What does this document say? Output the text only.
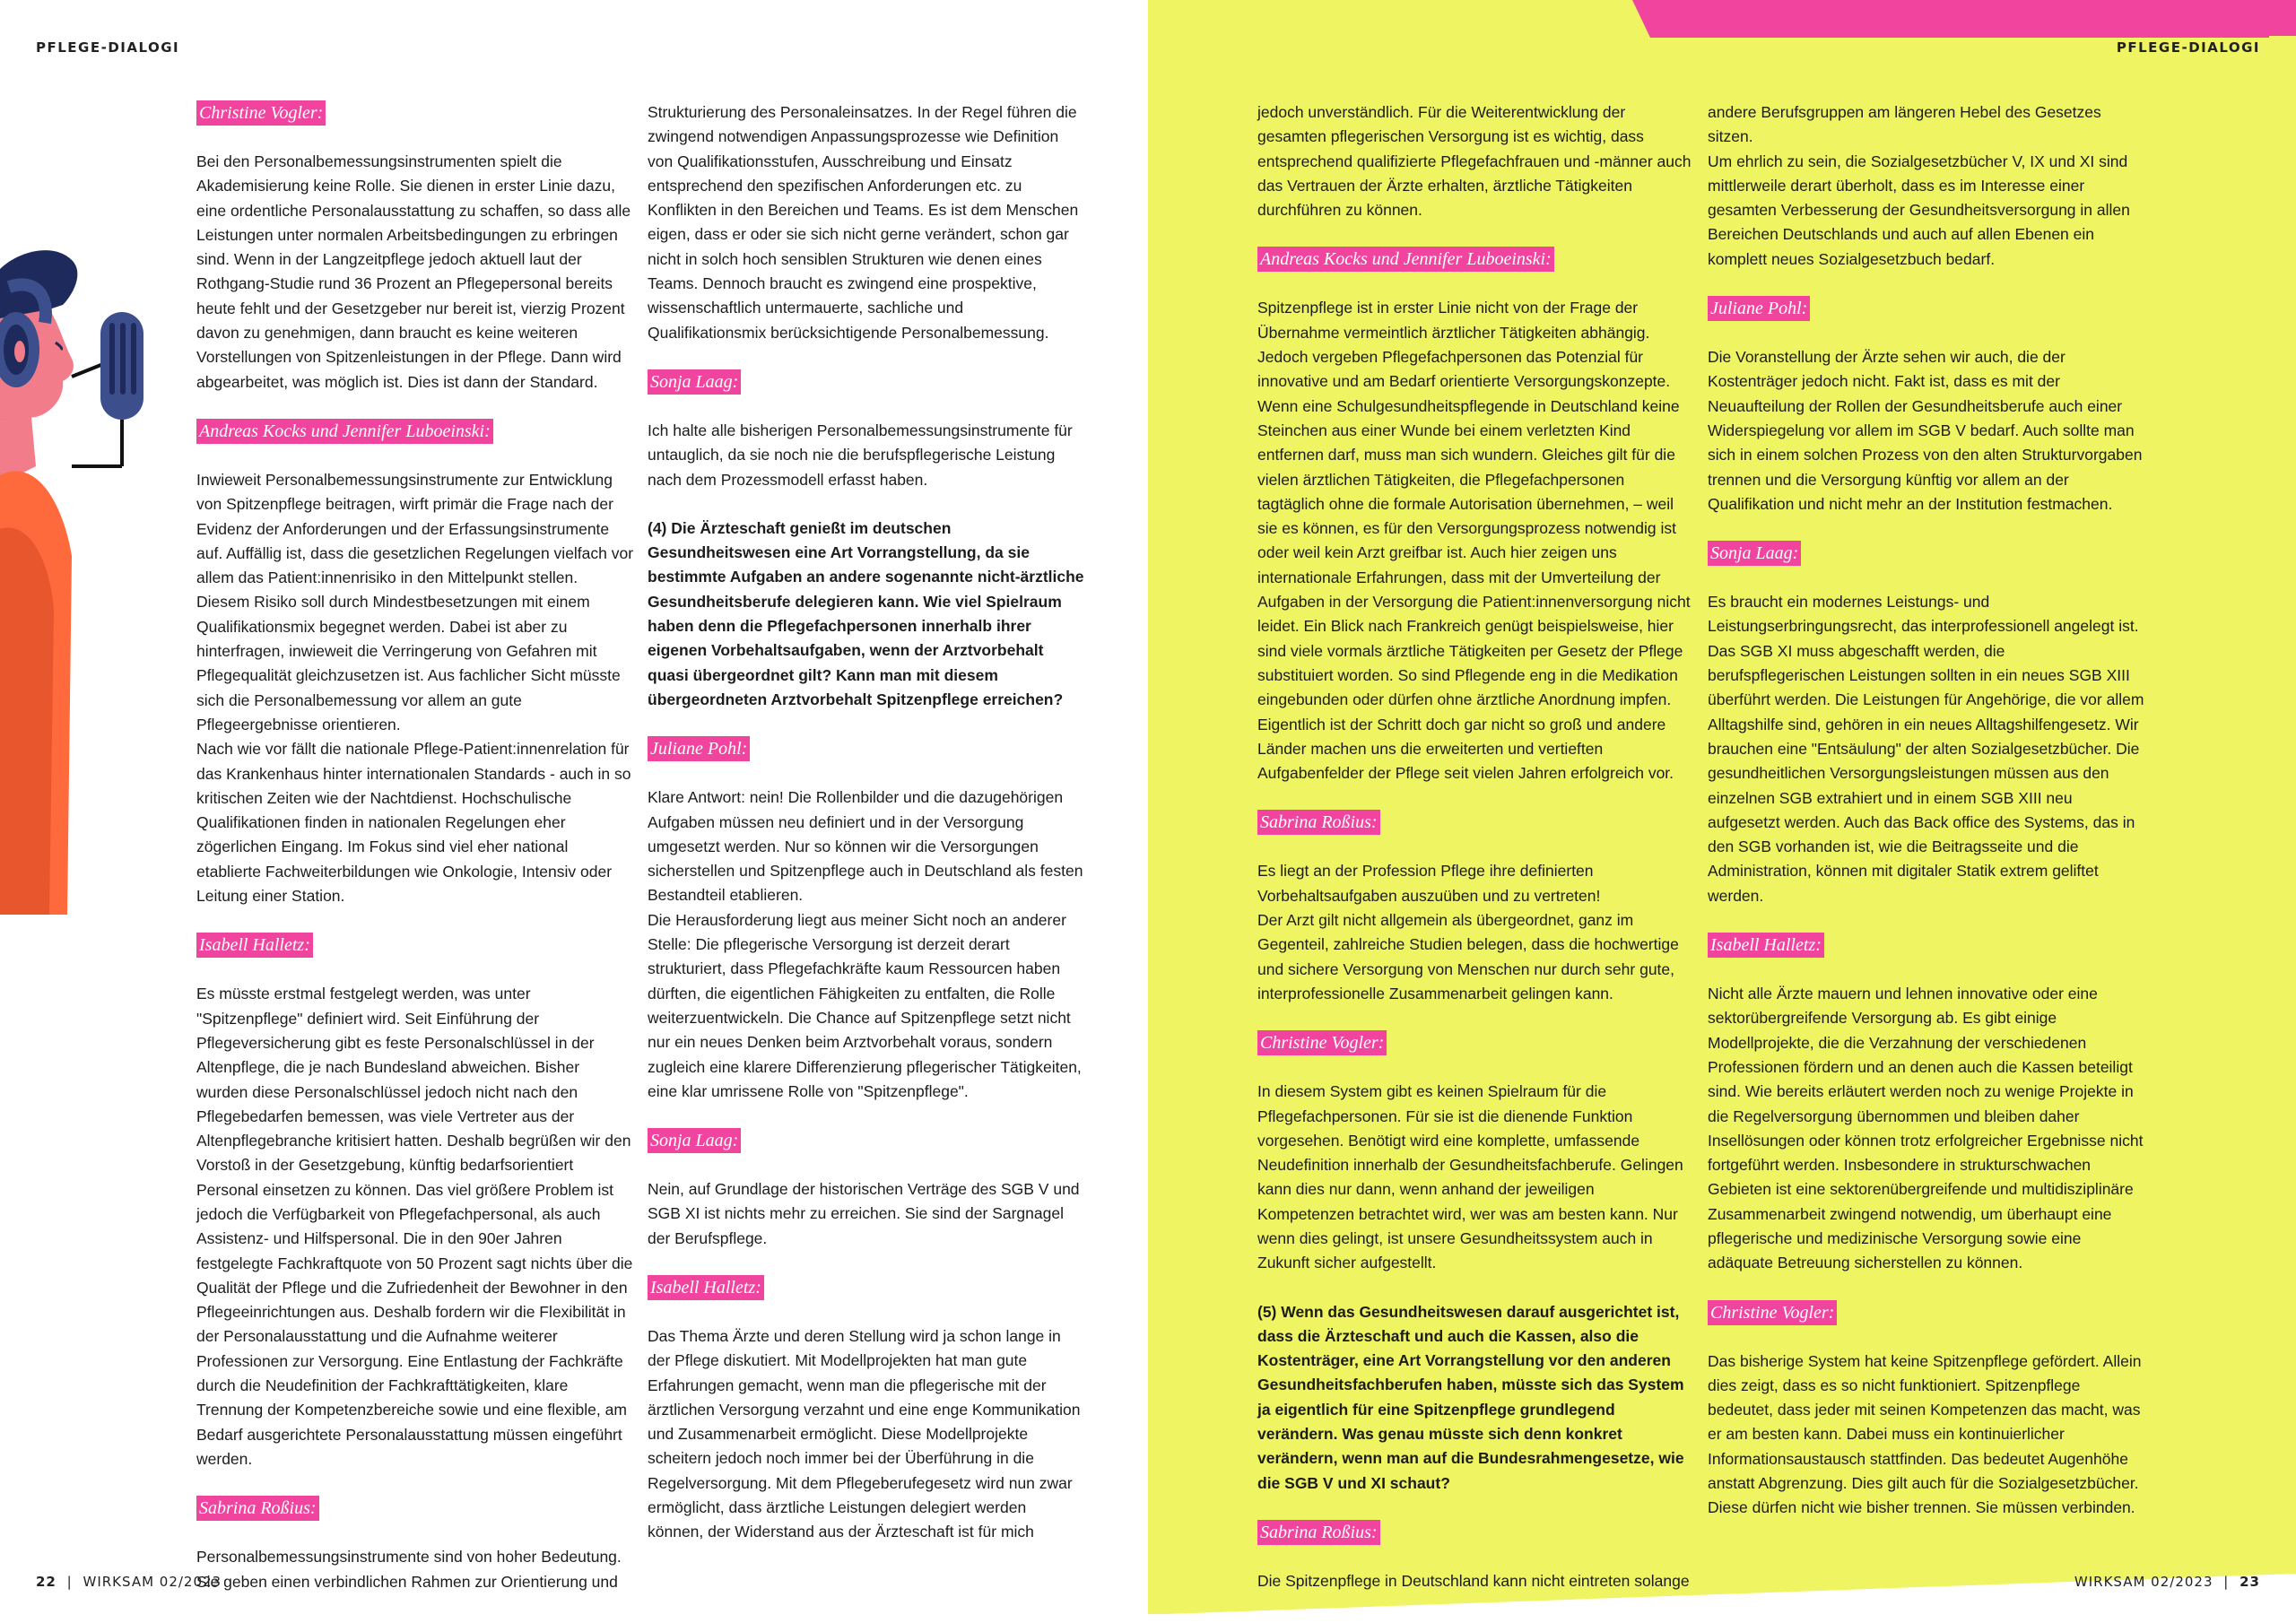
PFLEGE-DIALOGI
Christine Vogler:

Bei den Personalbemessungsinstrumenten spielt die Akademisierung keine Rolle. Sie dienen in erster Linie dazu, eine ordentliche Personalausstattung zu schaffen, so dass alle Leistungen unter normalen Arbeitsbedingungen zu erbringen sind. Wenn in der Langzeitpflege jedoch aktuell laut der Rothgang-Studie rund 36 Prozent an Pflegepersonal bereits heute fehlt und der Gesetzgeber nur bereit ist, vierzig Prozent davon zu genehmigen, dann braucht es keine weiteren Vorstellungen von Spitzenleistungen in der Pflege. Dann wird abgearbeitet, was möglich ist. Dies ist dann der Standard.

Andreas Kocks und Jennifer Luboeinski:

Inwieweit Personalbemessungsinstrumente zur Entwicklung von Spitzenpflege beitragen, wirft primär die Frage nach der Evidenz der Anforderungen und der Erfassungsinstrumente auf. Auffällig ist, dass die gesetzlichen Regelungen vielfach vor allem das Patient:innenrisiko in den Mittelpunkt stellen. Diesem Risiko soll durch Mindestbesetzungen mit einem Qualifikationsmix begegnet werden. Dabei ist aber zu hinterfragen, inwieweit die Verringerung von Gefahren mit Pflegequalität gleichzusetzen ist. Aus fachlicher Sicht müsste sich die Personalbemessung vor allem an gute Pflegeergebnisse orientieren.

Nach wie vor fällt die nationale Pflege-Patient:innenrelation für das Krankenhaus hinter internationalen Standards - auch in so kritischen Zeiten wie der Nachtdienst. Hochschulische Qualifikationen finden in nationalen Regelungen eher zögerlichen Eingang. Im Fokus sind viel eher national etablierte Fachweiterbildungen wie Onkologie, Intensiv oder Leitung einer Station.

Isabell Halletz:

Es müsste erstmal festgelegt werden, was unter "Spitzenpflege" definiert wird. Seit Einführung der Pflegeversicherung gibt es feste Personalschlüssel in der Altenpflege, die je nach Bundesland abweichen. Bisher wurden diese Personalschlüssel jedoch nicht nach den Pflegebedarfen bemessen, was viele Vertreter aus der Altenpflegebranche kritisiert hatten. Deshalb begrüßen wir den Vorstoß in der Gesetzgebung, künftig bedarfsorientiert Personal einsetzen zu können. Das viel größere Problem ist jedoch die Verfügbarkeit von Pflegefachpersonal, als auch Assistenz- und Hilfspersonal. Die in den 90er Jahren festgelegte Fachkraftquote von 50 Prozent sagt nichts über die Qualität der Pflege und die Zufriedenheit der Bewohner in den Pflegeeinrichtungen aus. Deshalb fordern wir die Flexibilität in der Personalausstattung und die Aufnahme weiterer Professionen zur Versorgung. Eine Entlastung der Fachkräfte durch die Neudefinition der Fachkrafttätigkeiten, klare Trennung der Kompetenzbereiche sowie und eine flexible, am Bedarf ausgerichtete Personalausstattung müssen eingeführt werden.

Sabrina Roßius:

Personalbemessungsinstrumente sind von hoher Bedeutung. Sie geben einen verbindlichen Rahmen zur Orientierung und

Strukturierung des Personaleinsatzes. In der Regel führen die zwingend notwendigen Anpassungsprozesse wie Definition von Qualifikationsstufen, Ausschreibung und Einsatz entsprechend den spezifischen Anforderungen etc. zu Konflikten in den Bereichen und Teams. Es ist dem Menschen eigen, dass er oder sie sich nicht gerne verändert, schon gar nicht in solch hoch sensiblen Strukturen wie denen eines Teams. Dennoch braucht es zwingend eine prospektive, wissenschaftlich untermauerte, sachliche und Qualifikationsmix berücksichtigende Personalbemessung.

Sonja Laag:

Ich halte alle bisherigen Personalbemessungsinstrumente für untauglich, da sie noch nie die berufspflegerische Leistung nach dem Prozessmodell erfasst haben.

(4) Die Ärzteschaft genießt im deutschen Gesundheitswesen eine Art Vorrangstellung, da sie bestimmte Aufgaben an andere sogenannte nicht-ärztliche Gesundheitsberufe delegieren kann. Wie viel Spielraum haben denn die Pflegefachpersonen innerhalb ihrer eigenen Vorbehaltsaufgaben, wenn der Arztvorbehalt quasi übergeordnet gilt? Kann man mit diesem übergeordneten Arztvorbehalt Spitzenpflege erreichen?

Juliane Pohl:

Klare Antwort: nein! Die Rollenbilder und die dazugehörigen Aufgaben müssen neu definiert und in der Versorgung umgesetzt werden. Nur so können wir die Versorgungen sicherstellen und Spitzenpflege auch in Deutschland als festen Bestandteil etablieren.

Die Herausforderung liegt aus meiner Sicht noch an anderer Stelle: Die pflegerische Versorgung ist derzeit derart strukturiert, dass Pflegefachkräfte kaum Ressourcen haben dürften, die eigentlichen Fähigkeiten zu entfalten, die Rolle weiterzuentwickeln. Die Chance auf Spitzenpflege setzt nicht nur ein neues Denken beim Arztvorbehalt voraus, sondern zugleich eine klarere Differenzierung pflegerischer Tätigkeiten, eine klar umrissene Rolle von "Spitzenpflege".

Sonja Laag:

Nein, auf Grundlage der historischen Verträge des SGB V und SGB XI ist nichts mehr zu erreichen. Sie sind der Sargnagel der Berufspflege.

Isabell Halletz:

Das Thema Ärzte und deren Stellung wird ja schon lange in der Pflege diskutiert. Mit Modellprojekten hat man gute Erfahrungen gemacht, wenn man die pflegerische mit der ärztlichen Versorgung verzahnt und eine enge Kommunikation und Zusammenarbeit ermöglicht. Diese Modellprojekte scheitern jedoch noch immer bei der Überführung in die Regelversorgung. Mit dem Pflegeberufegesetz wird nun zwar ermöglicht, dass ärztliche Leistungen delegiert werden können, der Widerstand aus der Ärzteschaft ist für mich

22 | WIRKSAM 02/2023
PFLEGE-DIALOGI

jedoch unverständlich. Für die Weiterentwicklung der gesamten pflegerischen Versorgung ist es wichtig, dass entsprechend qualifizierte Pflegefachfrauen und -männer auch das Vertrauen der Ärzte erhalten, ärztliche Tätigkeiten durchführen zu können.

Andreas Kocks und Jennifer Luboeinski:

Spitzenpflege ist in erster Linie nicht von der Frage der Übernahme vermeintlich ärztlicher Tätigkeiten abhängig. Jedoch vergeben Pflegefachpersonen das Potenzial für innovative und am Bedarf orientierte Versorgungskonzepte. Wenn eine Schulgesundheitspflegende in Deutschland keine Steinchen aus einer Wunde bei einem verletzten Kind entfernen darf, muss man sich wundern. Gleiches gilt für die vielen ärztlichen Tätigkeiten, die Pflegefachpersonen tagtäglich ohne die formale Autorisation übernehmen, – weil sie es können, es für den Versorgungsprozess notwendig ist oder weil kein Arzt greifbar ist. Auch hier zeigen uns internationale Erfahrungen, dass mit der Umverteilung der Aufgaben in der Versorgung die Patient:innenversorgung nicht leidet. Ein Blick nach Frankreich genügt beispielsweise, hier sind viele vormals ärztliche Tätigkeiten per Gesetz der Pflege substituiert worden. So sind Pflegende eng in die Medikation eingebunden oder dürfen ohne ärztliche Anordnung impfen. Eigentlich ist der Schritt doch gar nicht so groß und andere Länder machen uns die erweiterten und vertieften Aufgabenfelder der Pflege seit vielen Jahren erfolgreich vor.

Sabrina Roßius:

Es liegt an der Profession Pflege ihre definierten Vorbehaltsaufgaben auszuüben und zu vertreten!

Der Arzt gilt nicht allgemein als übergeordnet, ganz im Gegenteil, zahlreiche Studien belegen, dass die hochwertige und sichere Versorgung von Menschen nur durch sehr gute, interprofessionelle Zusammenarbeit gelingen kann.

Christine Vogler:

In diesem System gibt es keinen Spielraum für die Pflegefachpersonen. Für sie ist die dienende Funktion vorgesehen. Benötigt wird eine komplette, umfassende Neudefinition innerhalb der Gesundheitsfachberufe. Gelingen kann dies nur dann, wenn anhand der jeweiligen Kompetenzen betrachtet wird, wer was am besten kann. Nur wenn dies gelingt, ist unsere Gesundheitssystem auch in Zukunft sicher aufgestellt.

(5) Wenn das Gesundheitswesen darauf ausgerichtet ist, dass die Ärzteschaft und auch die Kassen, also die Kostenträger, eine Art Vorrangstellung vor den anderen Gesundheitsfachberufen haben, müsste sich das System ja eigentlich für eine Spitzenpflege grundlegend verändern. Was genau müsste sich denn konkret verändern, wenn man auf die Bundesrahmengesetze, wie die SGB V und XI schaut?

Sabrina Roßius:

Die Spitzenpflege in Deutschland kann nicht eintreten solange

andere Berufsgruppen am längeren Hebel des Gesetzes sitzen.

Um ehrlich zu sein, die Sozialgesetzbücher V, IX und XI sind mittlerweile derart überholt, dass es im Interesse einer gesamten Verbesserung der Gesundheitsversorgung in allen Bereichen Deutschlands und auch auf allen Ebenen ein komplett neues Sozialgesetzbuch bedarf.

Juliane Pohl:

Die Voranstellung der Ärzte sehen wir auch, die der Kostenträger jedoch nicht. Fakt ist, dass es mit der Neuaufteilung der Rollen der Gesundheitsberufe auch einer Widerspiegelung vor allem im SGB V bedarf. Auch sollte man sich in einem solchen Prozess von den alten Strukturvorgaben trennen und die Versorgung künftig vor allem an der Qualifikation und nicht mehr an der Institution festmachen.

Sonja Laag:

Es braucht ein modernes Leistungs- und Leistungserbringungsrecht, das interprofessionell angelegt ist. Das SGB XI muss abgeschafft werden, die berufspflegerischen Leistungen sollten in ein neues SGB XIII überführt werden. Die Leistungen für Angehörige, die vor allem Alltagshilfe sind, gehören in ein neues Alltagshilfengesetz. Wir brauchen eine "Entsäulung" der alten Sozialgesetzbücher. Die gesundheitlichen Versorgungsleistungen müssen aus den einzelnen SGB extrahiert und in einem SGB XIII neu aufgesetzt werden. Auch das Back office des Systems, das in den SGB vorhanden ist, wie die Beitragsseite und die Administration, können mit digitaler Statik extrem geliftet werden.

Isabell Halletz:

Nicht alle Ärzte mauern und lehnen innovative oder eine sektorübergreifende Versorgung ab. Es gibt einige Modellprojekte, die die Verzahnung der verschiedenen Professionen fördern und an denen auch die Kassen beteiligt sind. Wie bereits erläutert werden noch zu wenige Projekte in die Regelversorgung übernommen und bleiben daher Insellösungen oder können trotz erfolgreicher Ergebnisse nicht fortgeführt werden. Insbesondere in strukturschwachen Gebieten ist eine sektorenübergreifende und multidisziplinäre Zusammenarbeit zwingend notwendig, um überhaupt eine pflegerische und medizinische Versorgung sowie eine adäquate Betreuung sicherstellen zu können.

Christine Vogler:

Das bisherige System hat keine Spitzenpflege gefördert. Allein dies zeigt, dass es so nicht funktioniert. Spitzenpflege bedeutet, dass jeder mit seinen Kompetenzen das macht, was er am besten kann. Dabei muss ein kontinuierlicher Informationsaustausch stattfinden. Das bedeutet Augenhöhe anstatt Abgrenzung. Dies gilt auch für die Sozialgesetzbücher. Diese dürfen nicht wie bisher trennen. Sie müssen verbinden.

WIRKSAM 02/2023 | 23
